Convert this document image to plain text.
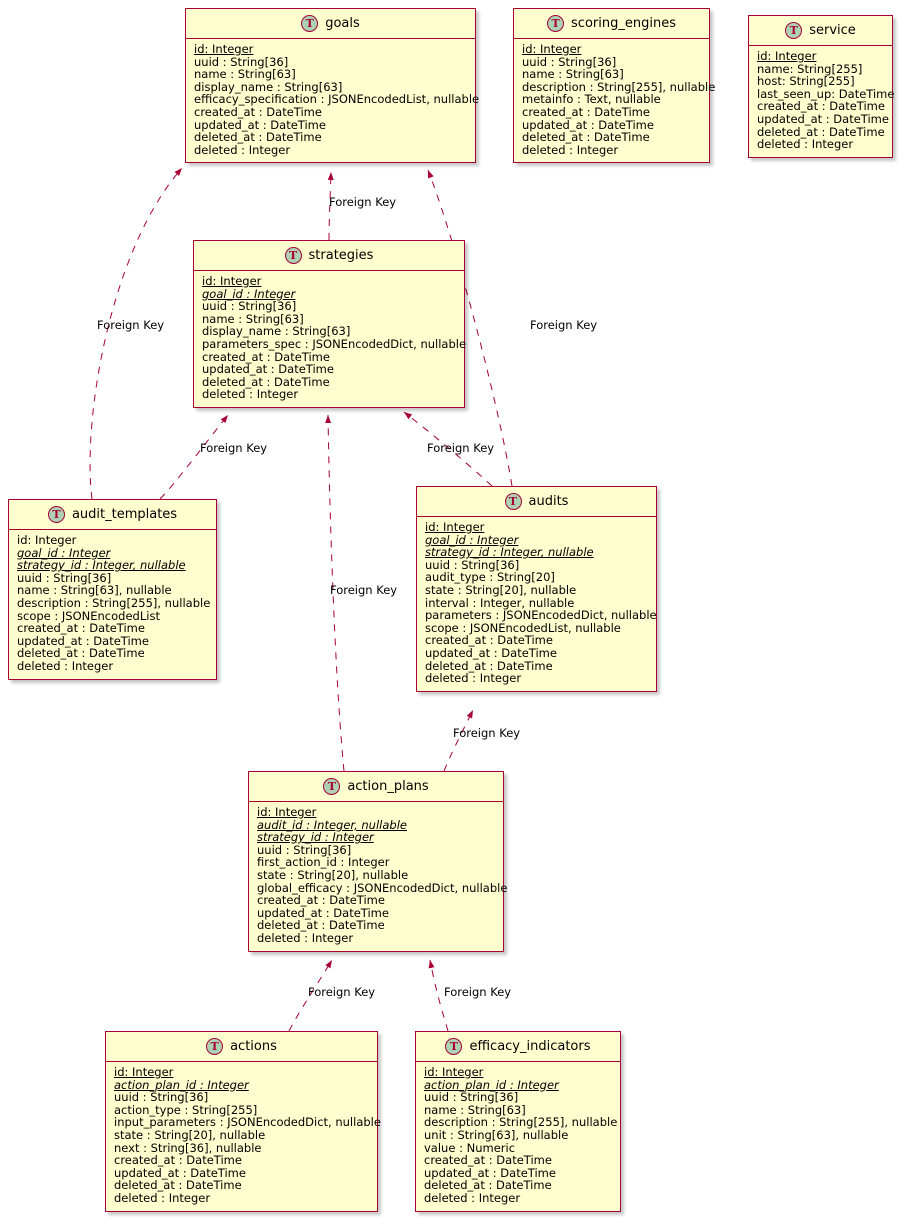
T goals
id: Integer
uuid : String[36]
name : String[63]
display_name : String[63]
efficacy_specification : JSONEncodedList, nullable
created_at : DateTime
updated_at : DateTime
deleted_at : DateTime
deleted : Integer
T scoring_engines
id: Integer
uuid : String[36]
name : String[63]
description : String[255], nullable
metainfo : Text, nullable
created_at : DateTime
updated_at : DateTime
deleted_at : DateTime
deleted : Integer
T service
id: Integer
name: String[255]
host: String[255]
last_seen_up: DateTime
created_at : DateTime
updated_at : DateTime
deleted_at : DateTime
deleted : Integer
T strategies
id: Integer
goal_id : Integer
uuid : String[36]
name : String[63]
display_name : String[63]
parameters_spec : JSONEncodedDict, nullable
created_at : DateTime
updated_at : DateTime
deleted_at : DateTime
deleted : Integer
T audit_templates
id: Integer
goal_id : Integer
strategy_id : Integer, nullable
uuid : String[36]
name : String[63], nullable
description : String[255], nullable
scope : JSONEncodedList
created_at : DateTime
updated_at : DateTime
deleted_at : DateTime
deleted : Integer
T audits
id: Integer
goal_id : Integer
strategy_id : Integer, nullable
uuid : String[36]
audit_type : String[20]
state : String[20], nullable
interval : Integer, nullable
parameters : JSONEncodedDict, nullable
scope : JSONEncodedList, nullable
created_at : DateTime
updated_at : DateTime
deleted_at : DateTime
deleted : Integer
T action_plans
id: Integer
audit_id : Integer, nullable
strategy_id : Integer
uuid : String[36]
first_action_id : Integer
state : String[20], nullable
global_efficacy : JSONEncodedDict, nullable
created_at : DateTime
updated_at : DateTime
deleted_at : DateTime
deleted : Integer
T actions
id: Integer
action_plan_id : Integer
uuid : String[36]
action_type : String[255]
input_parameters : JSONEncodedDict, nullable
state : String[20], nullable
next : String[36], nullable
created_at : DateTime
updated_at : DateTime
deleted_at : DateTime
deleted : Integer
T efficacy_indicators
id: Integer
action_plan_id : Integer
uuid : String[36]
name : String[63]
description : String[255], nullable
unit : String[63], nullable
value : Numeric
created_at : DateTime
updated_at : DateTime
deleted_at : DateTime
deleted : Integer
Foreign Key
Foreign Key	Foreign Key
Foreign Key	Foreign Key
Foreign Key
Foreign Key
Foreign Key	Foreign Key
